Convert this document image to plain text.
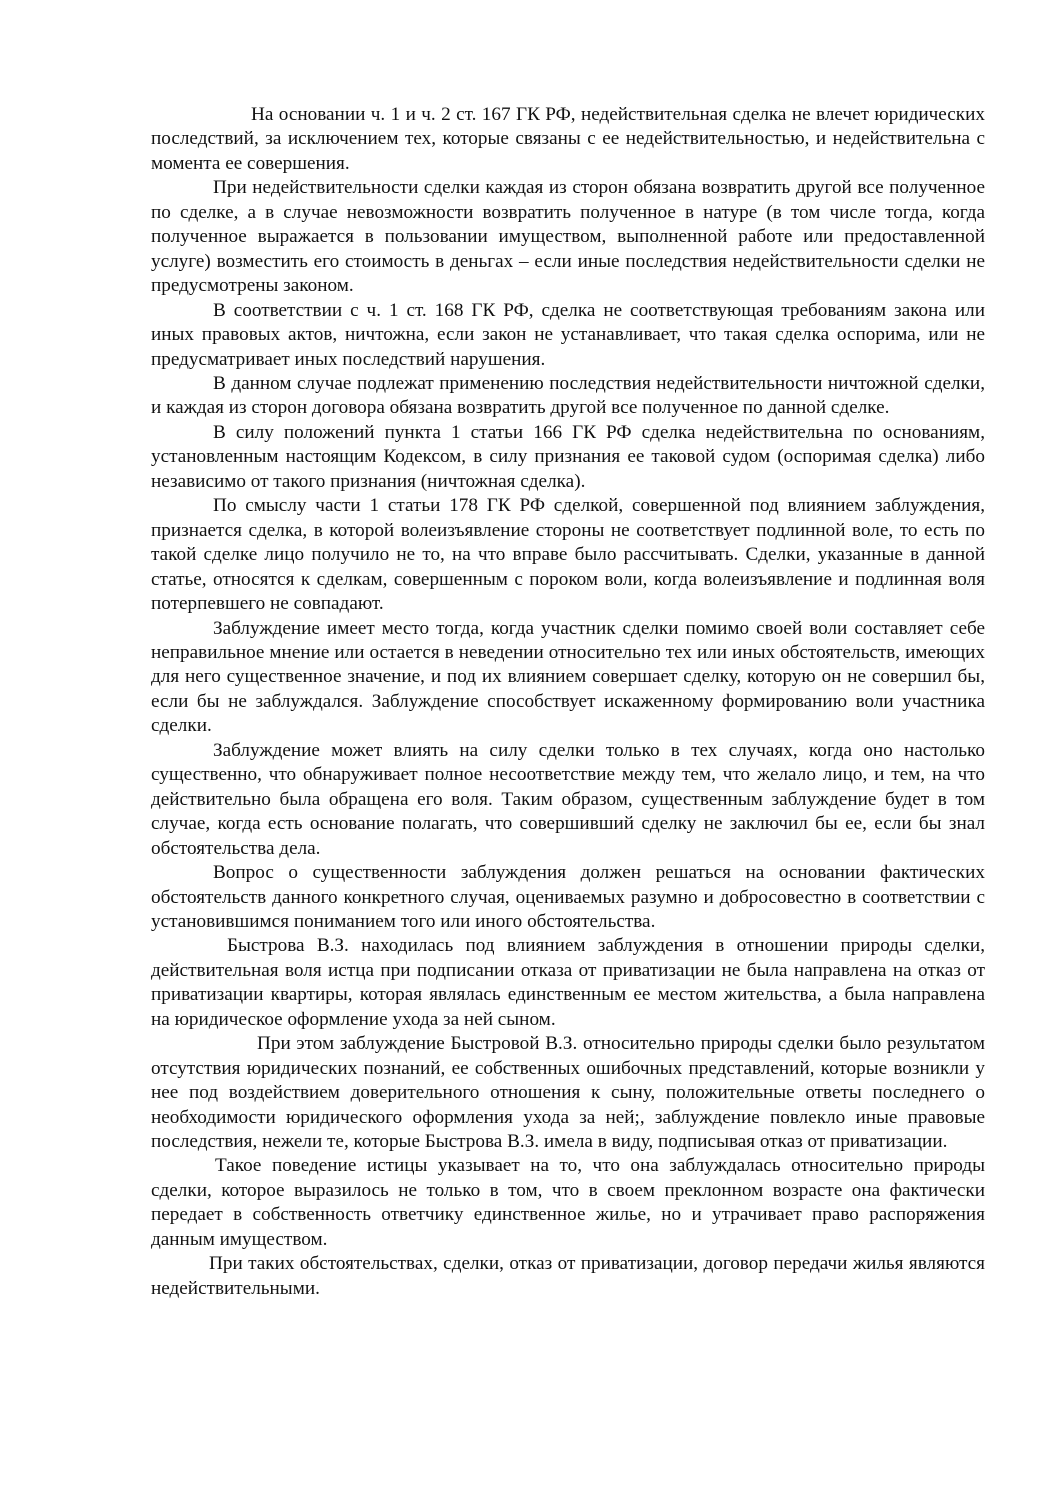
На основании ч. 1 и ч. 2 ст. 167 ГК РФ, недействительная сделка не влечет юридических последствий, за исключением тех, которые связаны с ее недействительностью, и недействительна с момента ее совершения.

При недействительности сделки каждая из сторон обязана возвратить другой все полученное по сделке, а в случае невозможности возвратить полученное в натуре (в том числе тогда, когда полученное выражается в пользовании имуществом, выполненной работе или предоставленной услуге) возместить его стоимость в деньгах – если иные последствия недействительности сделки не предусмотрены законом.

В соответствии с ч. 1 ст. 168 ГК РФ, сделка не соответствующая требованиям закона или иных правовых актов, ничтожна, если закон не устанавливает, что такая сделка оспорима, или не предусматривает иных последствий нарушения.

В данном случае подлежат применению последствия недействительности ничтожной сделки, и каждая из сторон договора обязана возвратить другой все полученное по данной сделке.

В силу положений пункта 1 статьи 166 ГК РФ сделка недействительна по основаниям, установленным настоящим Кодексом, в силу признания ее таковой судом (оспоримая сделка) либо независимо от такого признания (ничтожная сделка).

По смыслу части 1 статьи 178 ГК РФ сделкой, совершенной под влиянием заблуждения, признается сделка, в которой волеизъявление стороны не соответствует подлинной воле, то есть по такой сделке лицо получило не то, на что вправе было рассчитывать. Сделки, указанные в данной статье, относятся к сделкам, совершенным с пороком воли, когда волеизъявление и подлинная воля потерпевшего не совпадают.

Заблуждение имеет место тогда, когда участник сделки помимо своей воли составляет себе неправильное мнение или остается в неведении относительно тех или иных обстоятельств, имеющих для него существенное значение, и под их влиянием совершает сделку, которую он не совершил бы, если бы не заблуждался. Заблуждение способствует искаженному формированию воли участника сделки.

Заблуждение может влиять на силу сделки только в тех случаях, когда оно настолько существенно, что обнаруживает полное несоответствие между тем, что желало лицо, и тем, на что действительно была обращена его воля. Таким образом, существенным заблуждение будет в том случае, когда есть основание полагать, что совершивший сделку не заключил бы ее, если бы знал обстоятельства дела.

Вопрос о существенности заблуждения должен решаться на основании фактических обстоятельств данного конкретного случая, оцениваемых разумно и добросовестно в соответствии с установившимся пониманием того или иного обстоятельства.

Быстрова В.З. находилась под влиянием заблуждения в отношении природы сделки, действительная воля истца при подписании отказа от приватизации не была направлена на отказ от приватизации квартиры, которая являлась единственным ее местом жительства, а была направлена на юридическое оформление ухода за ней сыном.

При этом заблуждение Быстровой В.З. относительно природы сделки было результатом отсутствия юридических познаний, ее собственных ошибочных представлений, которые возникли у нее под воздействием доверительного отношения к сыну, положительные ответы последнего о необходимости юридического оформления ухода за ней;, заблуждение повлекло иные правовые последствия, нежели те, которые Быстрова В.З. имела в виду, подписывая отказ от приватизации.

Такое поведение истицы указывает на то, что она заблуждалась относительно природы сделки, которое выразилось не только в том, что в своем преклонном возрасте она фактически передает в собственность ответчику единственное жилье, но и утрачивает право распоряжения данным имуществом.

При таких обстоятельствах, сделки, отказ от приватизации, договор передачи жилья являются недействительными.
